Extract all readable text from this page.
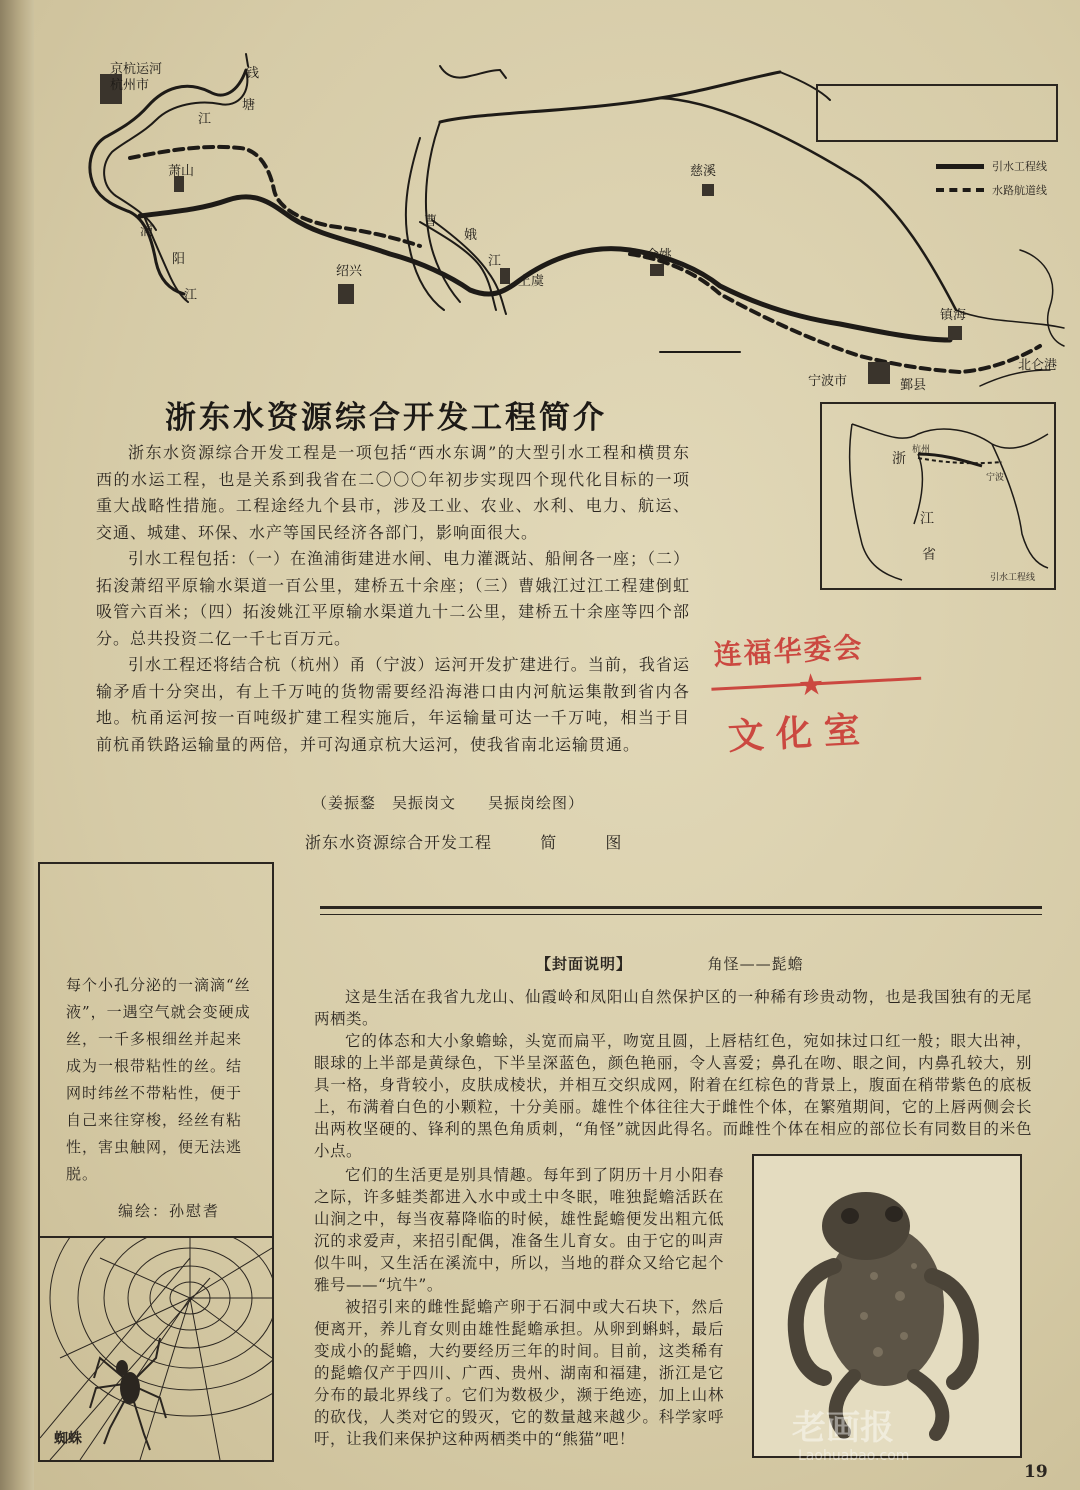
京杭运河
杭州市
钱
塘
江
萧山
浦
阳
江
绍兴
曹
娥
江
上虞
慈溪
余姚
镇海
宁波市	鄞县
北仑港
引水工程线
水路航道线
浙
杭州
宁波
江
省
引水工程线
浙东水资源综合开发工程简介

浙东水资源综合开发工程是一项包括“西水东调”的大型引水工程和横贯东西的水运工程，也是关系到我省在二〇〇〇年初步实现四个现代化目标的一项重大战略性措施。工程途经九个县市，涉及工业、农业、水利、电力、航运、交通、城建、环保、水产等国民经济各部门，影响面很大。

引水工程包括：（一）在渔浦街建进水闸、电力灌溉站、船闸各一座；（二）拓浚萧绍平原输水渠道一百公里，建桥五十余座；（三）曹娥江过江工程建倒虹吸管六百米；（四）拓浚姚江平原输水渠道九十二公里，建桥五十余座等四个部分。总共投资二亿一千七百万元。

引水工程还将结合杭（杭州）甬（宁波）运河开发扩建进行。当前，我省运输矛盾十分突出，有上千万吨的货物需要经沿海港口由内河航运集散到省内各地。杭甬运河按一百吨级扩建工程实施后，年运输量可达一千万吨，相当于目前杭甬铁路运输量的两倍，并可沟通京杭大运河，使我省南北运输贯通。

（姜振鍪　吴振岗文　　吴振岗绘图）
浙东水资源综合开发工程	简	图
连福华委会
★
文化室
每个小孔分泌的一滴滴“丝液”，一遇空气就会变硬成丝，一千多根细丝并起来成为一根带粘性的丝。结网时纬丝不带粘性，便于自己来往穿梭，经丝有粘性，害虫触网，便无法逃脱。
编绘：孙慰耆
蜘蛛
【封面说明】	角怪——髭蟾

这是生活在我省九龙山、仙霞岭和凤阳山自然保护区的一种稀有珍贵动物，也是我国独有的无尾两栖类。

它的体态和大小象蟾蜍，头宽而扁平，吻宽且圆，上唇桔红色，宛如抹过口红一般；眼大出神，眼球的上半部是黄绿色，下半呈深蓝色，颜色艳丽，令人喜爱；鼻孔在吻、眼之间，内鼻孔较大，别具一格，身背较小，皮肤成棱状，并相互交织成网，附着在红棕色的背景上，腹面在稍带紫色的底板上，布满着白色的小颗粒，十分美丽。雄性个体往往大于雌性个体，在繁殖期间，它的上唇两侧会长出两枚坚硬的、锋利的黑色角质刺，“角怪”就因此得名。而雌性个体在相应的部位长有同数目的米色小点。

它们的生活更是别具情趣。每年到了阴历十月小阳春之际，许多蛙类都进入水中或土中冬眠，唯独髭蟾活跃在山涧之中，每当夜幕降临的时候，雄性髭蟾便发出粗亢低沉的求爱声，来招引配偶，准备生儿育女。由于它的叫声似牛叫，又生活在溪流中，所以，当地的群众又给它起个雅号——“坑牛”。

被招引来的雌性髭蟾产卵于石洞中或大石块下，然后便离开，养儿育女则由雄性髭蟾承担。从卵到蝌蚪，最后变成小的髭蟾，大约要经历三年的时间。目前，这类稀有的髭蟾仅产于四川、广西、贵州、湖南和福建，浙江是它分布的最北界线了。它们为数极少，濒于绝迹，加上山林的砍伐，人类对它的毁灭，它的数量越来越少。科学家呼吁，让我们来保护这种两栖类中的“熊猫”吧！	老画报
Laohuabao.com
19
